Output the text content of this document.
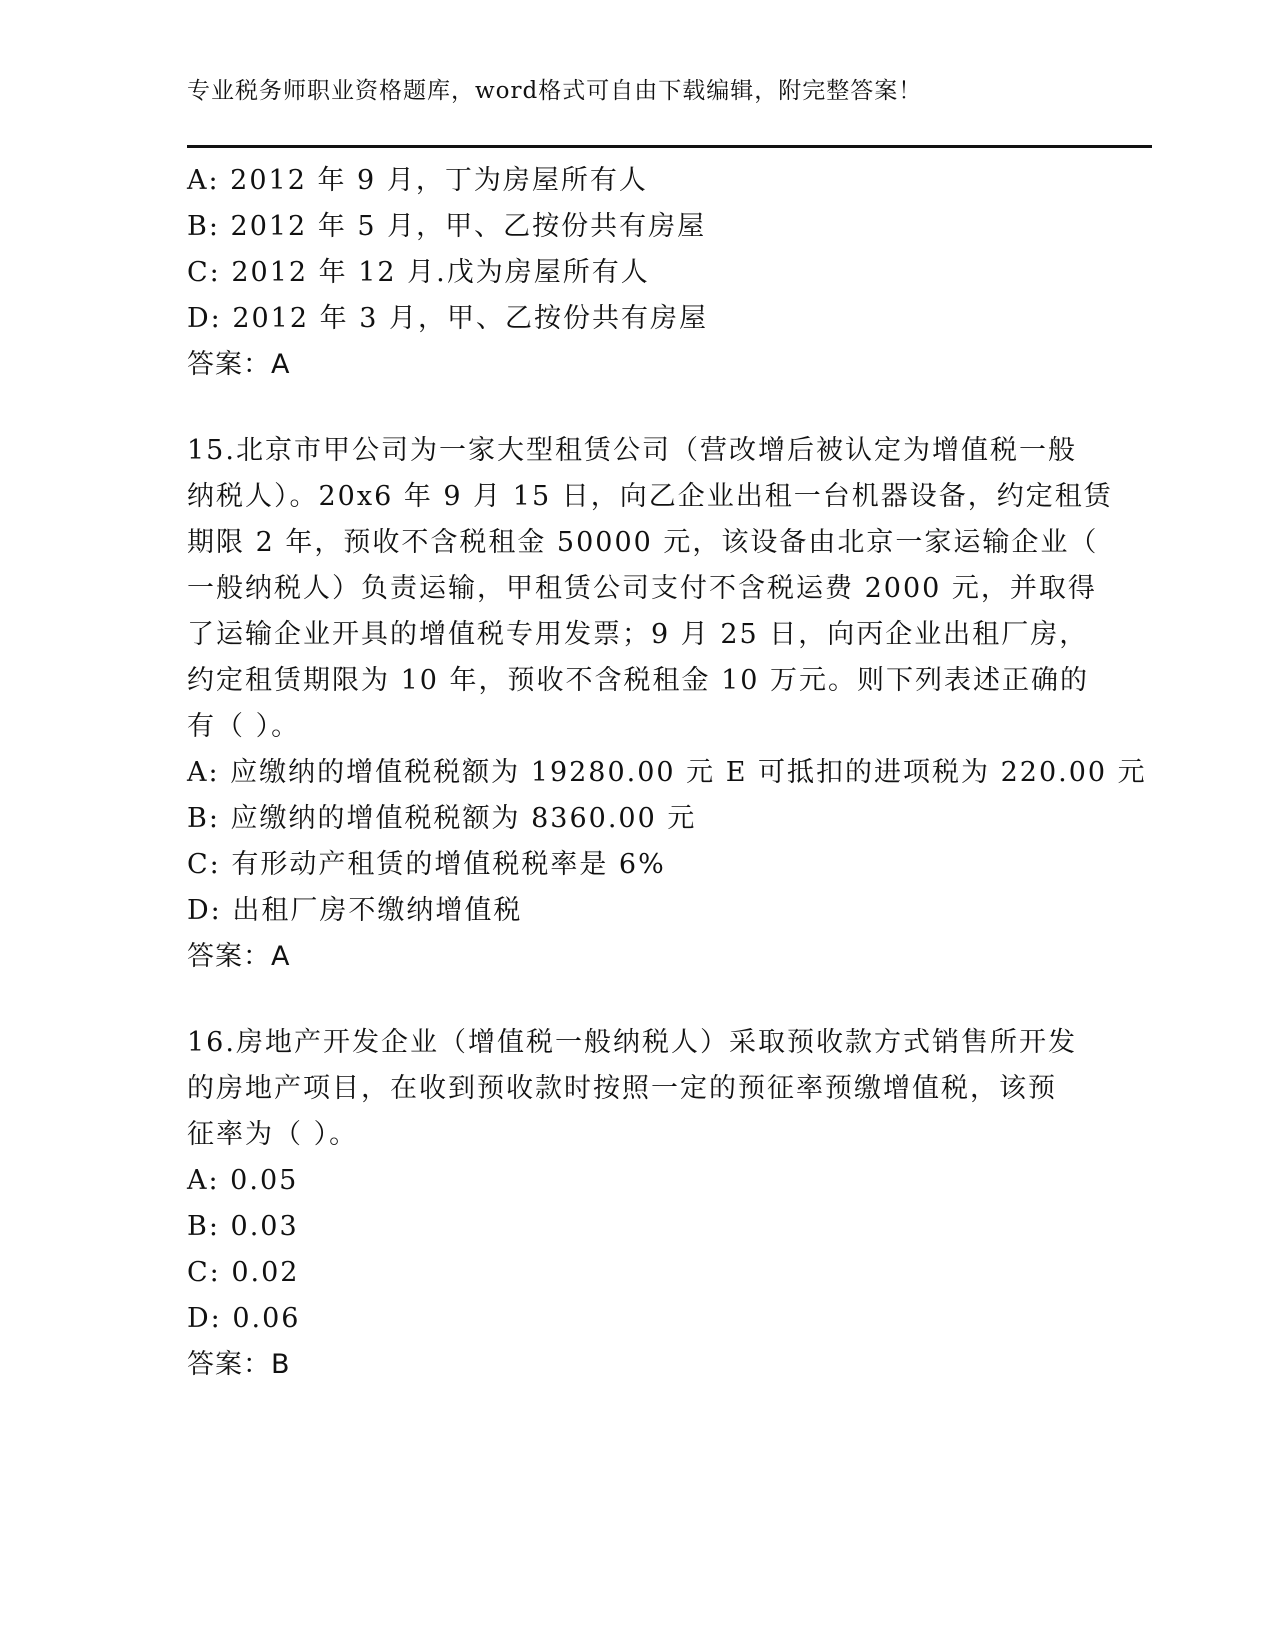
专业税务师职业资格题库，word格式可自由下载编辑，附完整答案！
A: 2012 年 9 月，丁为房屋所有人
B: 2012 年 5 月，甲、乙按份共有房屋
C: 2012 年 12 月.戊为房屋所有人
D: 2012 年 3 月，甲、乙按份共有房屋
答案：A
15.北京市甲公司为一家大型租赁公司（营改增后被认定为增值税一般
纳税人）。20x6 年 9 月 15 日，向乙企业出租一台机器设备，约定租赁
期限 2 年，预收不含税租金 50000 元，该设备由北京一家运输企业（
一般纳税人）负责运输，甲租赁公司支付不含税运费 2000 元，并取得
了运输企业开具的增值税专用发票；9 月 25 日，向丙企业出租厂房，
约定租赁期限为 10 年，预收不含税租金 10 万元。则下列表述正确的
有（ ）。
A: 应缴纳的增值税税额为 19280.00 元 E 可抵扣的进项税为 220.00 元
B: 应缴纳的增值税税额为 8360.00 元
C: 有形动产租赁的增值税税率是 6%
D: 出租厂房不缴纳增值税
答案：A
16.房地产开发企业（增值税一般纳税人）采取预收款方式销售所开发
的房地产项目，在收到预收款时按照一定的预征率预缴增值税，该预
征率为（ ）。
A: 0.05
B: 0.03
C: 0.02
D: 0.06
答案：B
